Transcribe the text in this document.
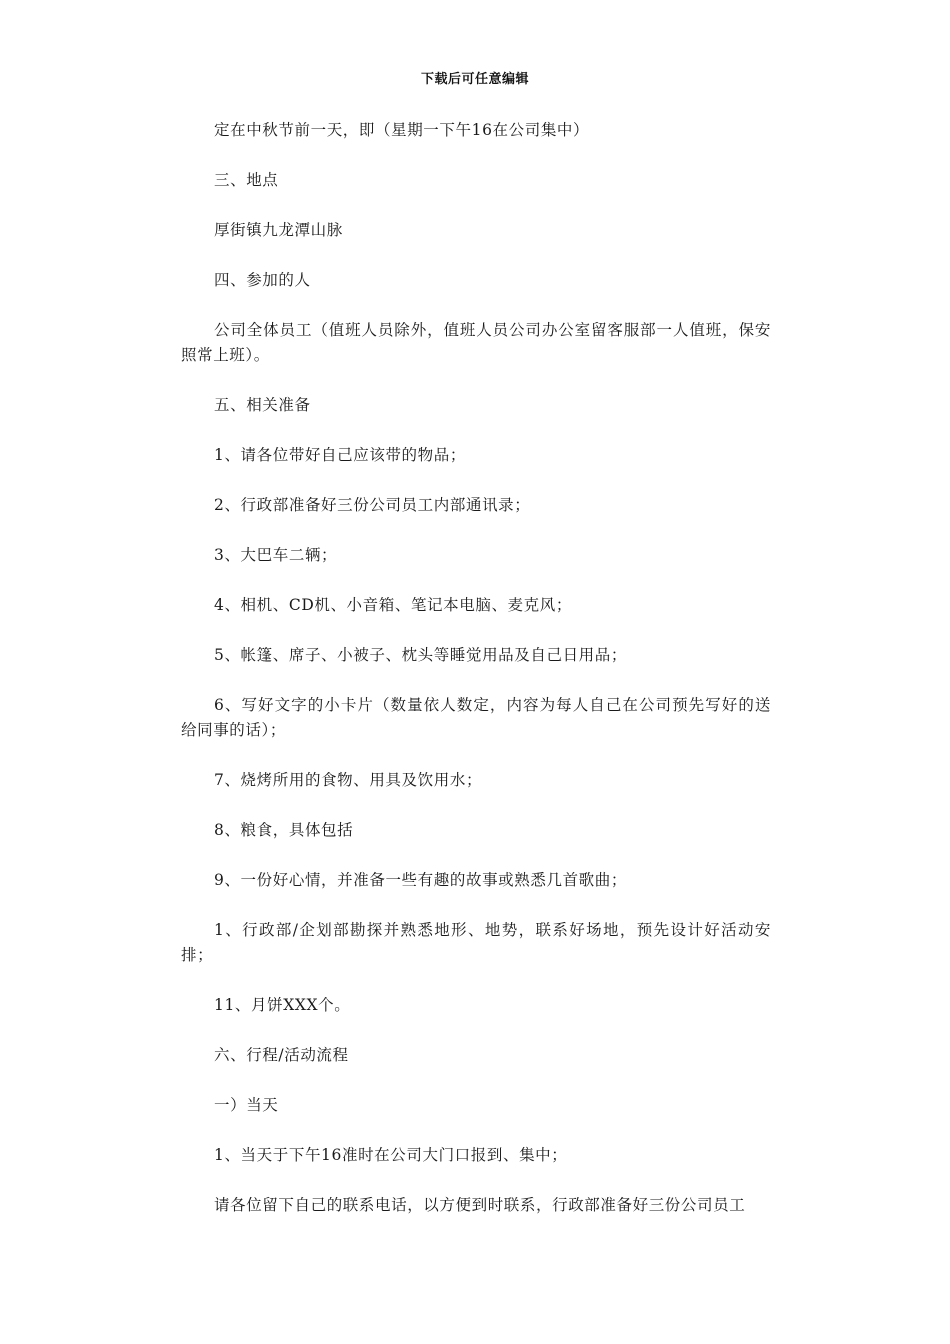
下载后可任意编辑

定在中秋节前一天，即（星期一下午16在公司集中）

三、地点

厚街镇九龙潭山脉

四、参加的人

公司全体员工（值班人员除外，值班人员公司办公室留客服部一人值班，保安照常上班）。

五、相关准备

1、请各位带好自己应该带的物品；

2、行政部准备好三份公司员工内部通讯录；

3、大巴车二辆；

4、相机、CD机、小音箱、笔记本电脑、麦克风；

5、帐篷、席子、小被子、枕头等睡觉用品及自己日用品；

6、写好文字的小卡片（数量依人数定，内容为每人自己在公司预先写好的送给同事的话）；

7、烧烤所用的食物、用具及饮用水；

8、粮食，具体包括

9、一份好心情，并准备一些有趣的故事或熟悉几首歌曲；

1、行政部/企划部勘探并熟悉地形、地势，联系好场地，预先设计好活动安排；

11、月饼XXX个。

六、行程/活动流程

一）当天

1、当天于下午16准时在公司大门口报到、集中；

请各位留下自己的联系电话，以方便到时联系，行政部准备好三份公司员工
